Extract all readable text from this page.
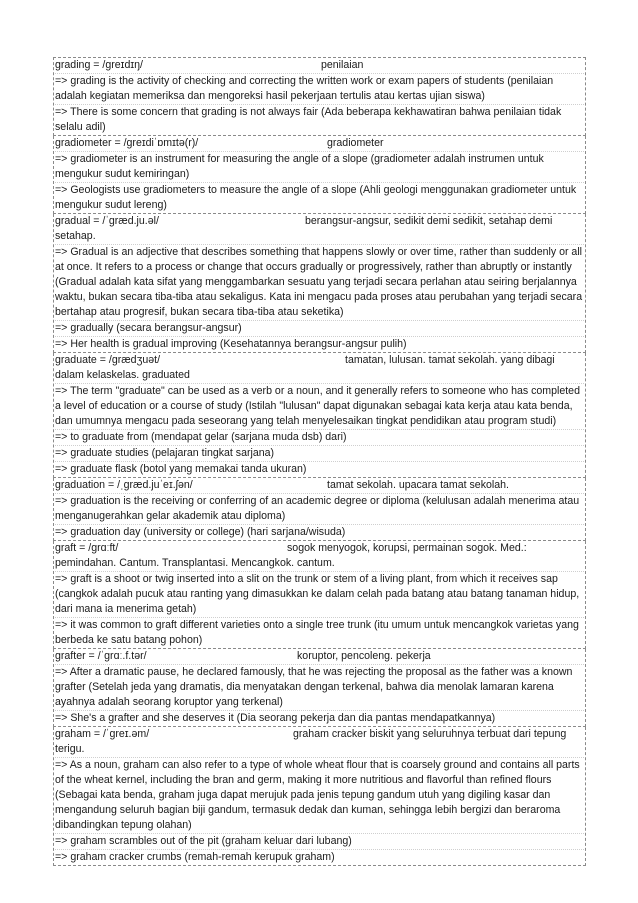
grading = /ɡreɪdɪŋ/	penilaian
=> grading is the activity of checking and correcting the written work or exam papers of students (penilaian adalah kegiatan memeriksa dan mengoreksi hasil pekerjaan tertulis atau kertas ujian siswa)
=> There is some concern that grading is not always fair (Ada beberapa kekhawatiran bahwa penilaian tidak selalu adil)
gradiometer = /ɡreɪdiˈɒmɪtə(r)/	gradiometer
=> gradiometer is an instrument for measuring the angle of a slope (gradiometer adalah instrumen untuk mengukur sudut kemiringan)
=> Geologists use gradiometers to measure the angle of a slope (Ahli geologi menggunakan gradiometer untuk mengukur sudut lereng)
gradual = /ˈɡræd.ju.əl/	berangsur-angsur, sedikit demi sedikit, setahap demi setahap.
=> Gradual is an adjective that describes something that happens slowly or over time, rather than suddenly or all at once. It refers to a process or change that occurs gradually or progressively, rather than abruptly or instantly (Gradual adalah kata sifat yang menggambarkan sesuatu yang terjadi secara perlahan atau seiring berjalannya waktu, bukan secara tiba-tiba atau sekaligus. Kata ini mengacu pada proses atau perubahan yang terjadi secara bertahap atau progresif, bukan secara tiba-tiba atau seketika)
=> gradually (secara berangsur-angsur)
=> Her health is gradual improving (Kesehatannya berangsur-angsur pulih)
graduate = /ɡrædʒuət/	tamatan, lulusan. tamat sekolah. yang dibagi dalam kelaskelas. graduated
=> The term "graduate" can be used as a verb or a noun, and it generally refers to someone who has completed a level of education or a course of study (Istilah "lulusan" dapat digunakan sebagai kata kerja atau kata benda, dan umumnya mengacu pada seseorang yang telah menyelesaikan tingkat pendidikan atau program studi)
=> to graduate from (mendapat gelar (sarjana muda dsb) dari)
=> graduate studies (pelajaran tingkat sarjana)
=> graduate flask (botol yang memakai tanda ukuran)
graduation = /ˌɡræd.juˈeɪ.ʃən/	tamat sekolah. upacara tamat sekolah.
=> graduation is the receiving or conferring of an academic degree or diploma (kelulusan adalah menerima atau menganugerahkan gelar akademik atau diploma)
=> graduation day (university or college) (hari sarjana/wisuda)
graft = /ɡrɑːft/	sogok menyogok, korupsi, permainan sogok. Med.: pemindahan. Cantum. Transplantasi. Mencangkok. cantum.
=> graft is a shoot or twig inserted into a slit on the trunk or stem of a living plant, from which it receives sap (cangkok adalah pucuk atau ranting yang dimasukkan ke dalam celah pada batang atau batang tanaman hidup, dari mana ia menerima getah)
=> it was common to graft different varieties onto a single tree trunk (itu umum untuk mencangkok varietas yang berbeda ke satu batang pohon)
grafter = /ˈɡrɑː.f.tər/	koruptor, pencoleng. pekerja
=> After a dramatic pause, he declared famously, that he was rejecting the proposal as the father was a known grafter (Setelah jeda yang dramatis, dia menyatakan dengan terkenal, bahwa dia menolak lamaran karena ayahnya adalah seorang koruptor yang terkenal)
=> She's a grafter and she deserves it (Dia seorang pekerja dan dia pantas mendapatkannya)
graham = /ˈɡreɪ.əm/	graham cracker biskit yang seluruhnya terbuat dari tepung terigu.
=> As a noun, graham can also refer to a type of whole wheat flour that is coarsely ground and contains all parts of the wheat kernel, including the bran and germ, making it more nutritious and flavorful than refined flours (Sebagai kata benda, graham juga dapat merujuk pada jenis tepung gandum utuh yang digiling kasar dan mengandung seluruh bagian biji gandum, termasuk dedak dan kuman, sehingga lebih bergizi dan beraroma dibandingkan tepung olahan)
=> graham scrambles out of the pit (graham keluar dari lubang)
=> graham cracker crumbs (remah-remah kerupuk graham)
